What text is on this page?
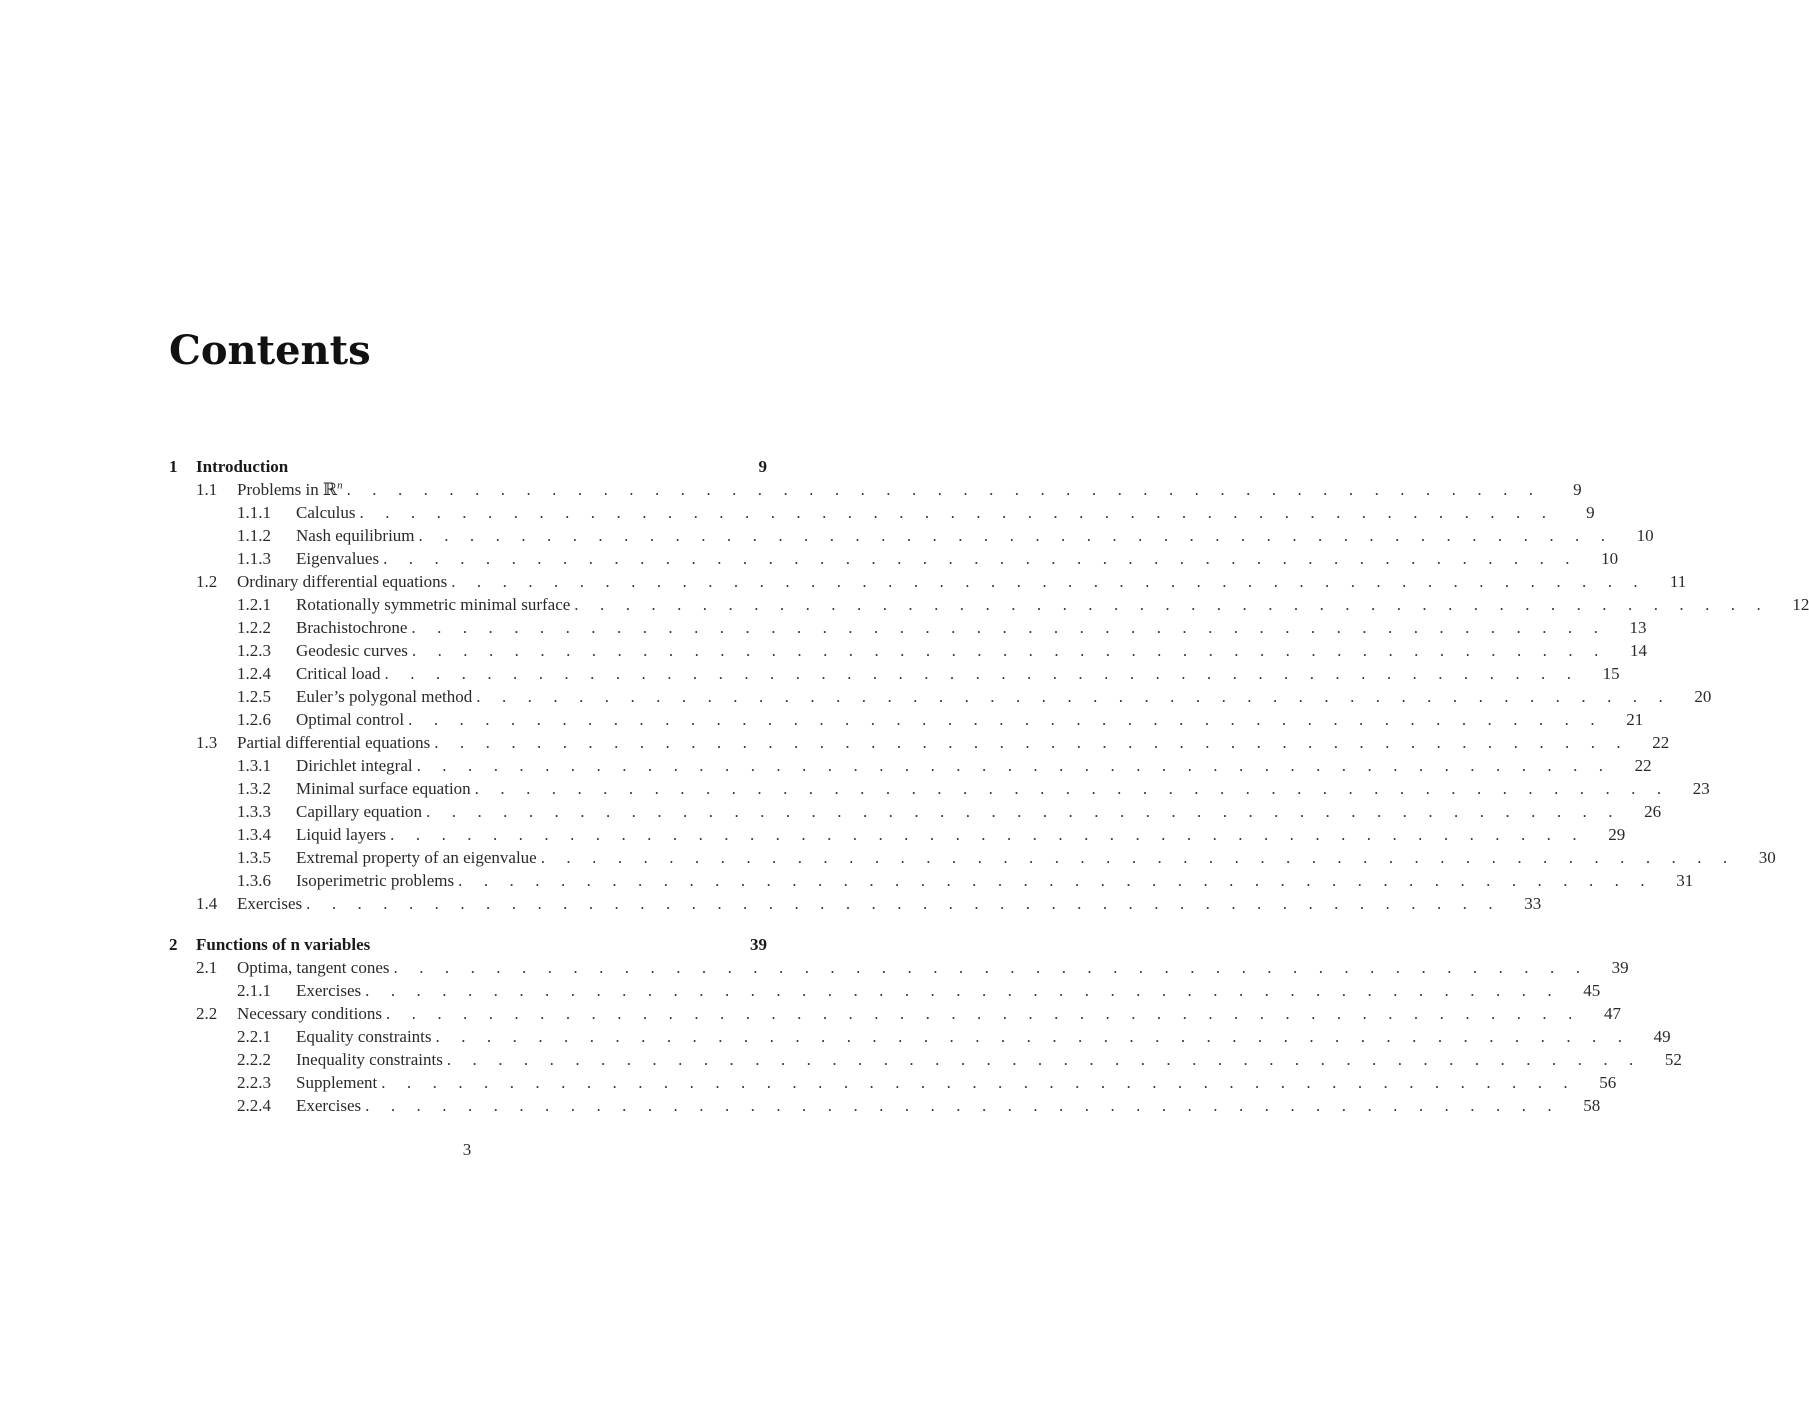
Contents
1	Introduction	9
1.1	Problems in ℝ$^n$ . . . . . . . . . . . . . . . . . . . . . . . . . . . . . . . . . . . . . . . . . . . . . . .	9
1.1.1	Calculus . . . . . . . . . . . . . . . . . . . . . . . . . . . . . . . . . . . . . . . . . . . . . . .	9
1.1.2	Nash equilibrium . . . . . . . . . . . . . . . . . . . . . . . . . . . . . . . . . . . . . . . . . . . . . . .	10
1.1.3	Eigenvalues . . . . . . . . . . . . . . . . . . . . . . . . . . . . . . . . . . . . . . . . . . . . . . .	10
1.2	Ordinary differential equations . . . . . . . . . . . . . . . . . . . . . . . . . . . . . . . . . . . . . . . . . . . . . . .	11
1.2.1	Rotationally symmetric minimal surface . . . . . . . . . . . . . . . . . . . . . . . . . . . . . . . . . . . . . . . . . . . . . . .	12
1.2.2	Brachistochrone . . . . . . . . . . . . . . . . . . . . . . . . . . . . . . . . . . . . . . . . . . . . . . .	13
1.2.3	Geodesic curves . . . . . . . . . . . . . . . . . . . . . . . . . . . . . . . . . . . . . . . . . . . . . . .	14
1.2.4	Critical load . . . . . . . . . . . . . . . . . . . . . . . . . . . . . . . . . . . . . . . . . . . . . . .	15
1.2.5	Euler’s polygonal method . . . . . . . . . . . . . . . . . . . . . . . . . . . . . . . . . . . . . . . . . . . . . . .	20
1.2.6	Optimal control . . . . . . . . . . . . . . . . . . . . . . . . . . . . . . . . . . . . . . . . . . . . . . .	21
1.3	Partial differential equations . . . . . . . . . . . . . . . . . . . . . . . . . . . . . . . . . . . . . . . . . . . . . . .	22
1.3.1	Dirichlet integral . . . . . . . . . . . . . . . . . . . . . . . . . . . . . . . . . . . . . . . . . . . . . . .	22
1.3.2	Minimal surface equation . . . . . . . . . . . . . . . . . . . . . . . . . . . . . . . . . . . . . . . . . . . . . . .	23
1.3.3	Capillary equation . . . . . . . . . . . . . . . . . . . . . . . . . . . . . . . . . . . . . . . . . . . . . . .	26
1.3.4	Liquid layers . . . . . . . . . . . . . . . . . . . . . . . . . . . . . . . . . . . . . . . . . . . . . . .	29
1.3.5	Extremal property of an eigenvalue . . . . . . . . . . . . . . . . . . . . . . . . . . . . . . . . . . . . . . . . . . . . . . .	30
1.3.6	Isoperimetric problems . . . . . . . . . . . . . . . . . . . . . . . . . . . . . . . . . . . . . . . . . . . . . . .	31
1.4	Exercises . . . . . . . . . . . . . . . . . . . . . . . . . . . . . . . . . . . . . . . . . . . . . . .	33
2	Functions of n variables	39
2.1	Optima, tangent cones . . . . . . . . . . . . . . . . . . . . . . . . . . . . . . . . . . . . . . . . . . . . . . .	39
2.1.1	Exercises . . . . . . . . . . . . . . . . . . . . . . . . . . . . . . . . . . . . . . . . . . . . . . .	45
2.2	Necessary conditions . . . . . . . . . . . . . . . . . . . . . . . . . . . . . . . . . . . . . . . . . . . . . . .	47
2.2.1	Equality constraints . . . . . . . . . . . . . . . . . . . . . . . . . . . . . . . . . . . . . . . . . . . . . . .	49
2.2.2	Inequality constraints . . . . . . . . . . . . . . . . . . . . . . . . . . . . . . . . . . . . . . . . . . . . . . .	52
2.2.3	Supplement . . . . . . . . . . . . . . . . . . . . . . . . . . . . . . . . . . . . . . . . . . . . . . .	56
2.2.4	Exercises . . . . . . . . . . . . . . . . . . . . . . . . . . . . . . . . . . . . . . . . . . . . . . .	58
3
